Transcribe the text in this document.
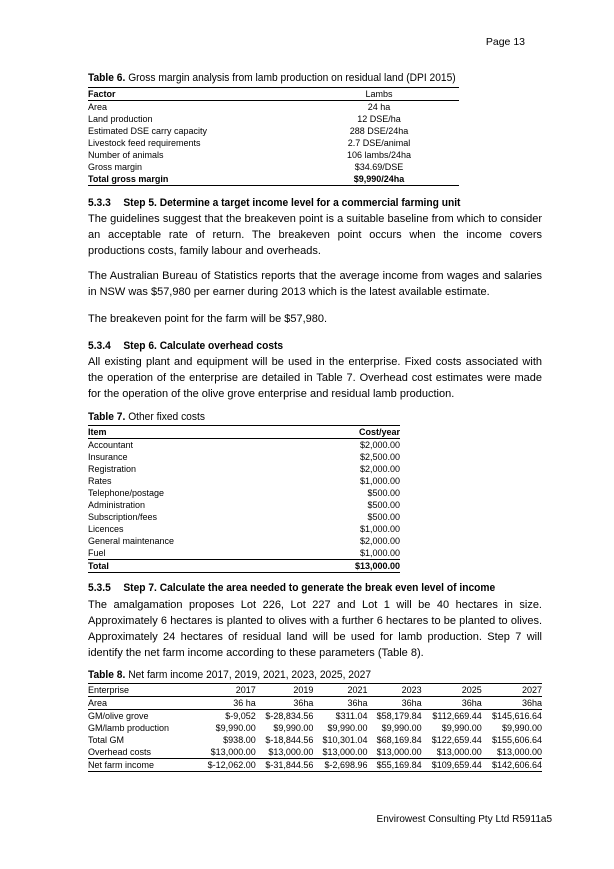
Page 13
Table 6. Gross margin analysis from lamb production on residual land (DPI 2015)
Factor	Lambs
Area	24 ha
Land production	12 DSE/ha
Estimated DSE carry capacity	288 DSE/24ha
Livestock feed requirements	2.7 DSE/animal
Number of animals	106 lambs/24ha
Gross margin	$34.69/DSE
Total gross margin	$9,990/24ha
5.3.3 Step 5. Determine a target income level for a commercial farming unit
The guidelines suggest that the breakeven point is a suitable baseline from which to consider an acceptable rate of return. The breakeven point occurs when the income covers productions costs, family labour and overheads.
The Australian Bureau of Statistics reports that the average income from wages and salaries in NSW was $57,980 per earner during 2013 which is the latest available estimate.
The breakeven point for the farm will be $57,980.
5.3.4 Step 6. Calculate overhead costs
All existing plant and equipment will be used in the enterprise. Fixed costs associated with the operation of the enterprise are detailed in Table 7. Overhead cost estimates were made for the operation of the olive grove enterprise and residual lamb production.
Table 7. Other fixed costs
Item	Cost/year
Accountant	$2,000.00
Insurance	$2,500.00
Registration	$2,000.00
Rates	$1,000.00
Telephone/postage	$500.00
Administration	$500.00
Subscription/fees	$500.00
Licences	$1,000.00
General maintenance	$2,000.00
Fuel	$1,000.00
Total	$13,000.00
5.3.5 Step 7. Calculate the area needed to generate the break even level of income
The amalgamation proposes Lot 226, Lot 227 and Lot 1 will be 40 hectares in size. Approximately 6 hectares is planted to olives with a further 6 hectares to be planted to olives. Approximately 24 hectares of residual land will be used for lamb production. Step 7 will identify the net farm income according to these parameters (Table 8).
Table 8. Net farm income 2017, 2019, 2021, 2023, 2025, 2027
Enterprise	2017	2019	2021	2023	2025	2027
Area	36 ha	36ha	36ha	36ha	36ha	36ha
GM/olive grove	$-9,052	$-28,834.56	$311.04	$58,179.84	$112,669.44	$145,616.64
GM/lamb production	$9,990.00	$9,990.00	$9,990.00	$9,990.00	$9,990.00	$9,990.00
Total GM	$938.00	$-18,844.56	$10,301.04	$68,169.84	$122,659.44	$155,606.64
Overhead costs	$13,000.00	$13,000.00	$13,000.00	$13,000.00	$13,000.00	$13,000.00
Net farm income	$-12,062.00	$-31,844.56	$-2,698.96	$55,169.84	$109,659.44	$142,606.64
Envirowest Consulting Pty Ltd R5911a5
